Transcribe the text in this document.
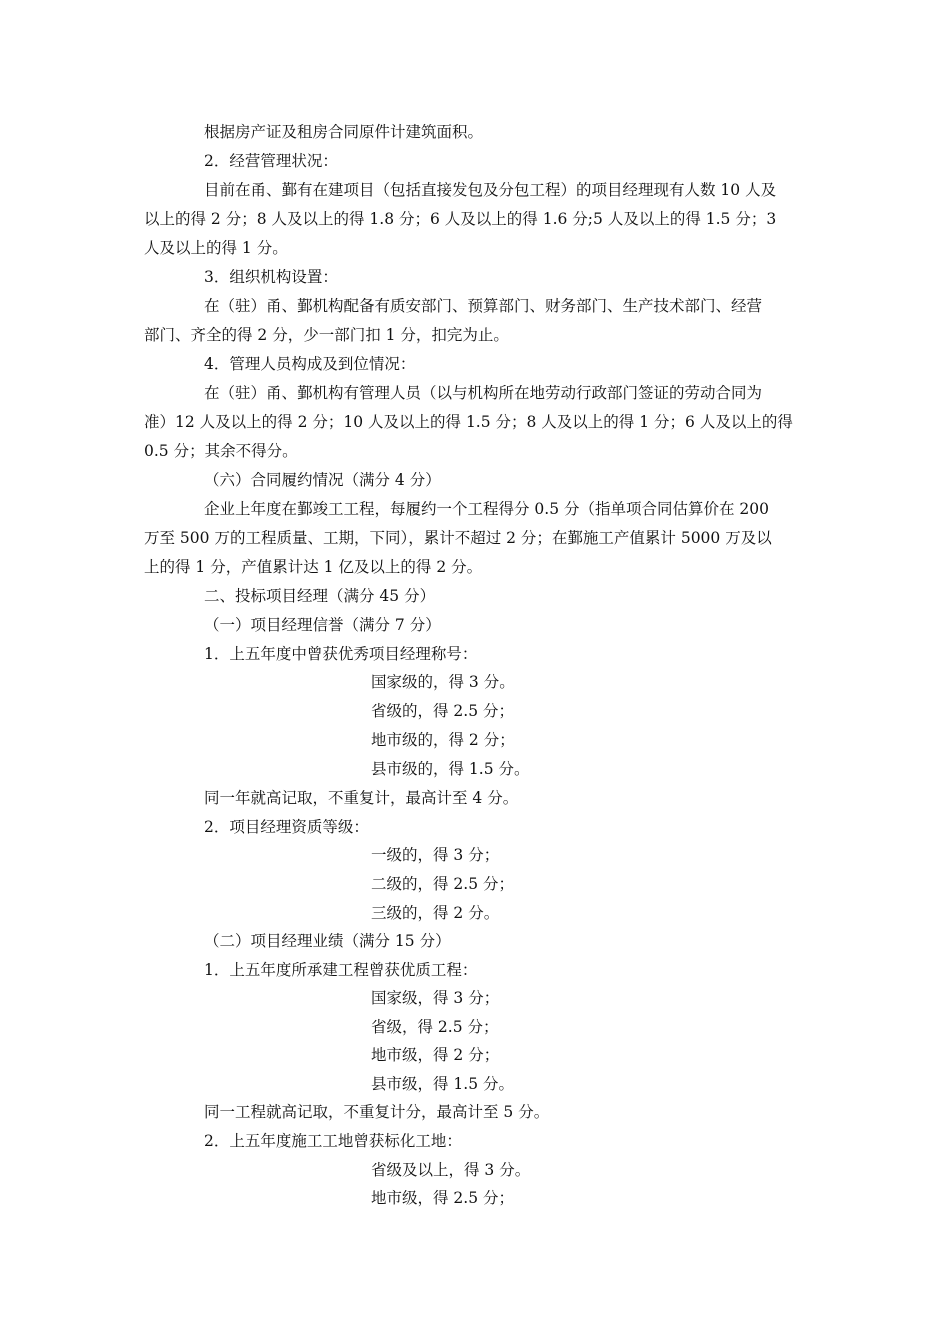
根据房产证及租房合同原件计建筑面积。
2．经营管理状况：
目前在甬、鄞有在建项目（包括直接发包及分包工程）的项目经理现有人数 10 人及
以上的得 2 分；8 人及以上的得 1.8 分；6 人及以上的得 1.6 分;5 人及以上的得 1.5 分；3
人及以上的得 1 分。
3．组织机构设置：
在（驻）甬、鄞机构配备有质安部门、预算部门、财务部门、生产技术部门、经营
部门、齐全的得 2 分，少一部门扣 1 分，扣完为止。
4．管理人员构成及到位情况：
在（驻）甬、鄞机构有管理人员（以与机构所在地劳动行政部门签证的劳动合同为
准）12 人及以上的得 2 分；10 人及以上的得 1.5 分；8 人及以上的得 1 分；6 人及以上的得
0.5 分；其余不得分。
（六）合同履约情况（满分 4 分）
企业上年度在鄞竣工工程，每履约一个工程得分 0.5 分（指单项合同估算价在 200
万至 500 万的工程质量、工期，下同），累计不超过 2 分；在鄞施工产值累计 5000 万及以
上的得 1 分，产值累计达 1 亿及以上的得 2 分。
二、投标项目经理（满分 45 分）
（一）项目经理信誉（满分 7 分）
1．上五年度中曾获优秀项目经理称号：
国家级的，得 3 分。
省级的，得 2.5 分；
地市级的，得 2 分；
县市级的，得 1.5 分。
同一年就高记取，不重复计，最高计至 4 分。
2．项目经理资质等级：
一级的，得 3 分；
二级的，得 2.5 分；
三级的，得 2 分。
（二）项目经理业绩（满分 15 分）
1．上五年度所承建工程曾获优质工程：
国家级，得 3 分；
省级，得 2.5 分；
地市级，得 2 分；
县市级，得 1.5 分。
同一工程就高记取，不重复计分，最高计至 5 分。
2．上五年度施工工地曾获标化工地：
省级及以上，得 3 分。
地市级，得 2.5 分；
